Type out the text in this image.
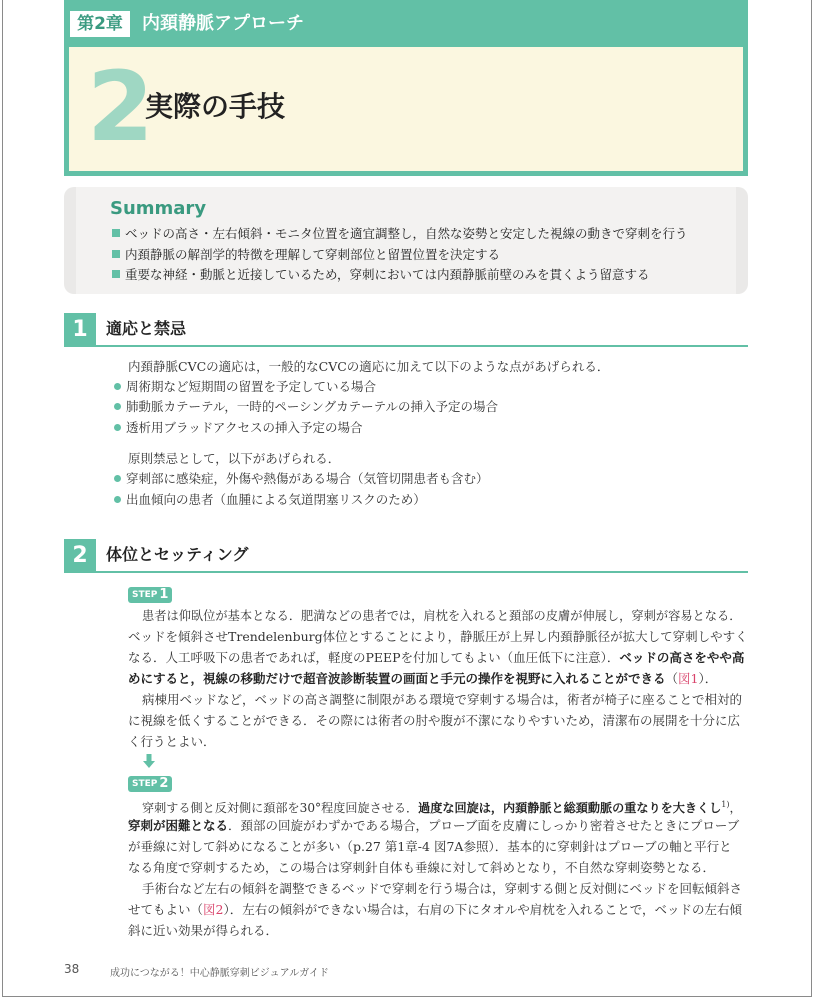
第2章	内頚静脈アプローチ
2
実際の手技
Summary
ベッドの高さ・左右傾斜・モニタ位置を適宜調整し，自然な姿勢と安定した視線の動きで穿刺を行う
内頚静脈の解剖学的特徴を理解して穿刺部位と留置位置を決定する
重要な神経・動脈と近接しているため，穿刺においては内頚静脈前壁のみを貫くよう留意する
1	適応と禁忌
内頚静脈CVCの適応は，一般的なCVCの適応に加えて以下のような点があげられる．
周術期など短期間の留置を予定している場合
肺動脈カテーテル，一時的ペーシングカテーテルの挿入予定の場合
透析用ブラッドアクセスの挿入予定の場合
原則禁忌として，以下があげられる．
穿刺部に感染症，外傷や熱傷がある場合（気管切開患者も含む）
出血傾向の患者（血腫による気道閉塞リスクのため）
2	体位とセッティング
STEP 1
患者は仰臥位が基本となる．肥満などの患者では，肩枕を入れると頚部の皮膚が伸展し，穿刺が容易となる．
ベッドを傾斜させTrendelenburg体位とすることにより，静脈圧が上昇し内頚静脈径が拡大して穿刺しやすく
なる．人工呼吸下の患者であれば，軽度のPEEPを付加してもよい（血圧低下に注意）．ベッドの高さをやや高
めにすると，視線の移動だけで超音波診断装置の画面と手元の操作を視野に入れることができる（図1）．
病棟用ベッドなど，ベッドの高さ調整に制限がある環境で穿刺する場合は，術者が椅子に座ることで相対的
に視線を低くすることができる．その際には術者の肘や腹が不潔になりやすいため，清潔布の展開を十分に広
く行うとよい．
STEP 2
穿刺する側と反対側に頚部を30°程度回旋させる．過度な回旋は，内頚静脈と総頚動脈の重なりを大きくし$^{1)}$，
穿刺が困難となる．頚部の回旋がわずかである場合，プローブ面を皮膚にしっかり密着させたときにプローブ
が垂線に対して斜めになることが多い（p.27 第1章-4 図7A参照）．基本的に穿刺針はプローブの軸と平行と
なる角度で穿刺するため，この場合は穿刺針自体も垂線に対して斜めとなり，不自然な穿刺姿勢となる．
手術台など左右の傾斜を調整できるベッドで穿刺を行う場合は，穿刺する側と反対側にベッドを回転傾斜さ
せてもよい（図2）．左右の傾斜ができない場合は，右肩の下にタオルや肩枕を入れることで，ベッドの左右傾
斜に近い効果が得られる．
38	成功につながる！中心静脈穿刺ビジュアルガイド
